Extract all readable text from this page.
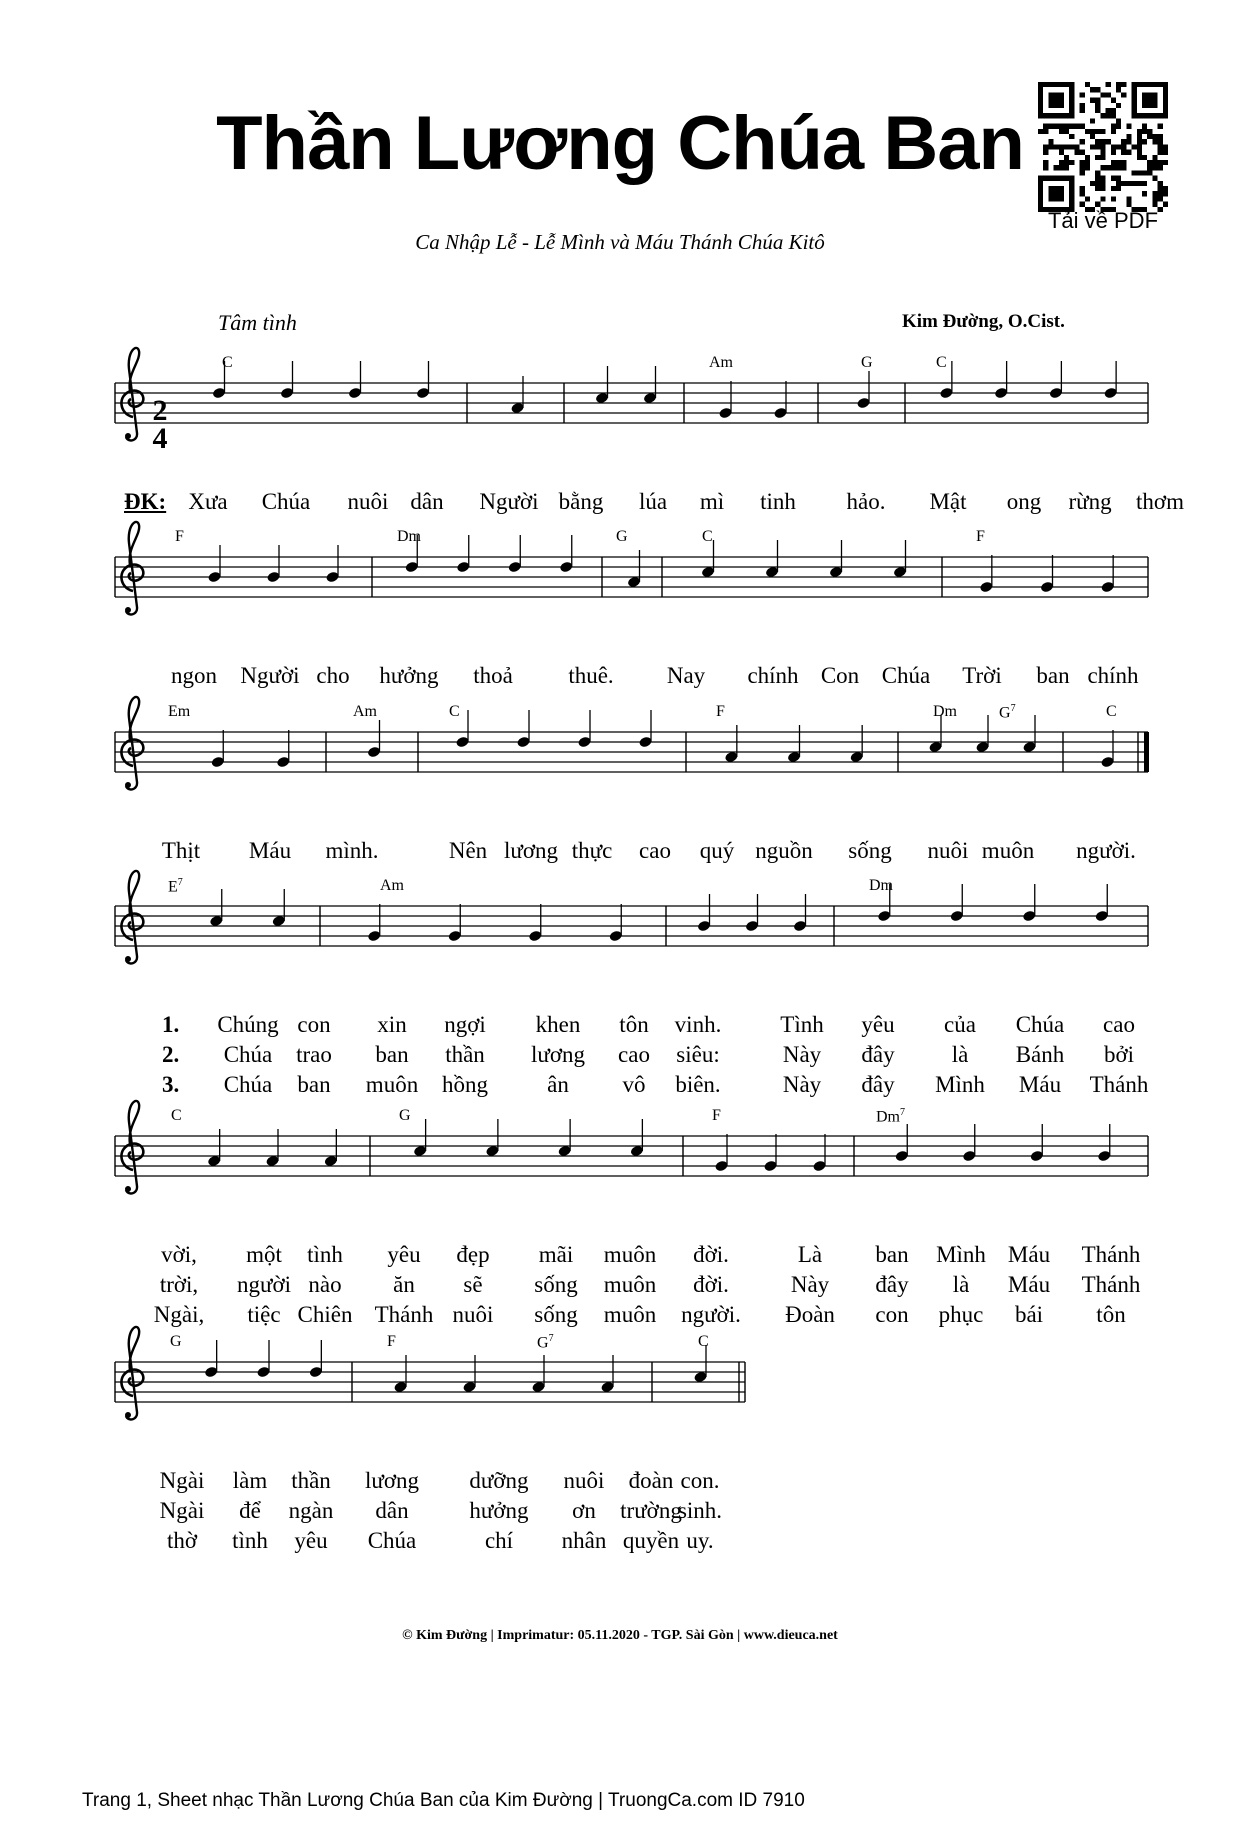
Thần Lương Chúa Ban
Ca Nhập Lễ - Lễ Mình và Máu Thánh Chúa Kitô
Tải về PDF
Tâm tình	Kim Đường, O.Cist.
2
4
C	Am	G	C
Xưa Chúa nuôi dân Người bằng lúa mì tinh hảo. Mật ong rừng thơm
ĐK:
F	Dm	G	C	F
ngon Người cho hưởng thoả thuê. Nay chính Con Chúa Trời ban chính
Em	Am	C	F	Dm	$G^7$	C
Thịt Máu mình.	Nên lương thực cao quý nguồn sống nuôi muôn người.
$E^7$	Am	Dm
Chúng con xin ngợi khen tôn vinh.	Tình yêu của Chúa cao
Chúa trao ban thần lương cao siêu:	Này đây là Bánh bởi
Chúa ban muôn hồng	ân vô biên.	Này đây Mình Máu Thánh
1.
2.
3.
C	G	F	Dm$^7$
vời, một tình yêu đẹp mãi muôn đời.	Là ban Mình Máu Thánh
trời, người nào ăn sẽ sống muôn đời.	Này đây là Máu Thánh
Ngài, tiệc Chiên Thánh nuôi sống muôn người. Đoàn con phục bái tôn
G	F	$G^7$	C
Ngài làm thần lương dưỡng nuôi đoàn con.
Ngài để ngàn dân	hưởng ơn trường
sinh.
thờ tình yêu Chúa	chí nhân quyền uy.
© Kim Đường | Imprimatur: 05.11.2020 - TGP. Sài Gòn | www.dieuca.net
Trang 1, Sheet nhạc Thần Lương Chúa Ban của Kim Đường | TruongCa.com ID 7910
